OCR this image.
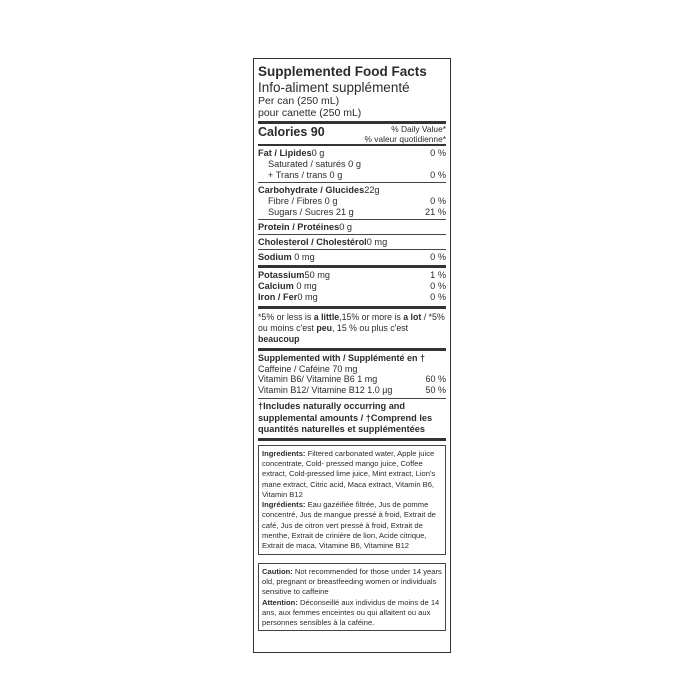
Supplemented Food Facts
Info-aliment supplémenté
Per can (250 mL)
pour canette (250 mL)
Calories 90	% Daily Value*
% valeur quotidienne*
Fat / Lipides0 g	0 %
Saturated / saturés 0 g
+ Trans / trans 0 g	0 %
Carbohydrate / Glucides22g
Fibre / Fibres 0 g	0 %
Sugars / Sucres 21 g	21 %
Protein / Protéines0 g
Cholesterol / Cholestérol0 mg
Sodium 0 mg	0 %
Potassium50 mg	1 %
Calcium 0 mg	0 %
Iron / Fer0 mg	0 %
*5% or less is a little,15% or more is a lot / *5% ou moins c'est peu, 15 % ou plus c'est beaucoup
Supplemented with / Supplémenté en †
Caffeine / Caféine 70 mg
Vitamin B6/ Vitamine B6 1 mg	60 %
Vitamin B12/ Vitamine B12 1.0 µg	50 %
†Includes naturally occurring and supplemental amounts / †Comprend les quantités naturelles et supplémentées
Ingredients: Filtered carbonated water, Apple juice concentrate, Cold- pressed mango juice, Coffee extract, Cold-pressed lime juice, Mint extract, Lion's mane extract, Citric acid, Maca extract, Vitamin B6, Vitamin B12
Ingrédients: Eau gazéifiée filtrée, Jus de pomme concentré, Jus de mangue pressé à froid, Extrait de café, Jus de citron vert pressé à froid, Extrait de menthe, Extrait de crinière de lion, Acide citrique, Extrait de maca, Vitamine B6, Vitamine B12
Caution: Not recommended for those under 14 years old, pregnant or breastfeeding women or individuals sensitive to caffeine
Attention: Déconseillé aux individus de moins de 14 ans, aux femmes enceintes ou qui allaitent ou aux personnes sensibles à la caféine.
